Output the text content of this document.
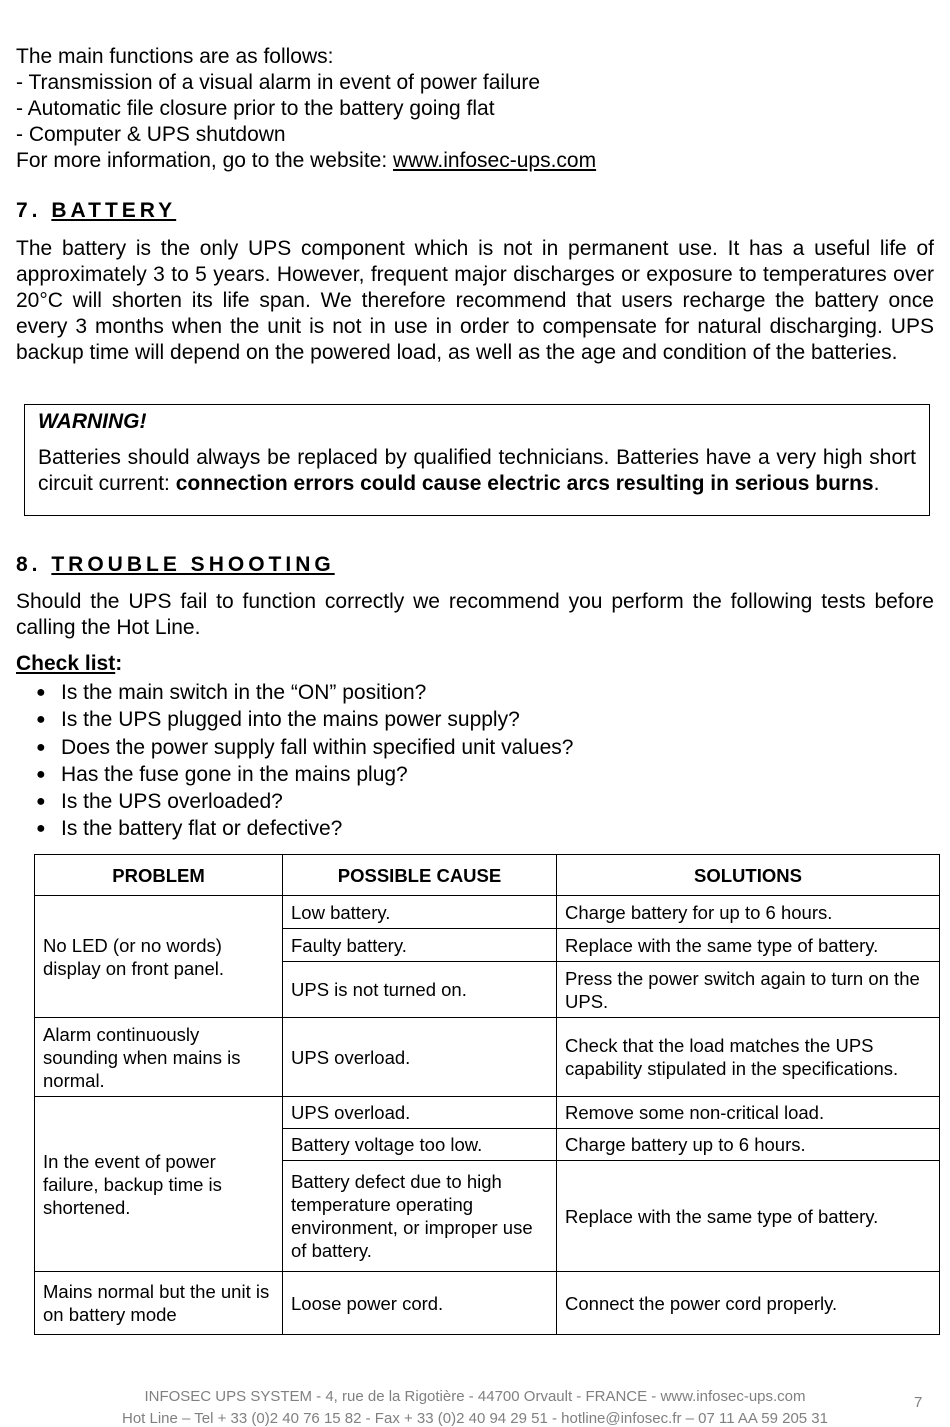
The main functions are as follows:
- Transmission of a visual alarm in event of power failure
- Automatic file closure prior to the battery going flat
- Computer & UPS shutdown
For more information, go to the website: www.infosec-ups.com
7. BATTERY
The battery is the only UPS component which is not in permanent use. It has a useful life of approximately 3 to 5 years. However, frequent major discharges or exposure to temperatures over 20°C will shorten its life span. We therefore recommend that users recharge the battery once every 3 months when the unit is not in use in order to compensate for natural discharging. UPS backup time will depend on the powered load, as well as the age and condition of the batteries.
WARNING!
Batteries should always be replaced by qualified technicians. Batteries have a very high short circuit current: connection errors could cause electric arcs resulting in serious burns.
8. TROUBLE SHOOTING
Should the UPS fail to function correctly we recommend you perform the following tests before calling the Hot Line.
Check list:
● Is the main switch in the “ON” position?
● Is the UPS plugged into the mains power supply?
● Does the power supply fall within specified unit values?
● Has the fuse gone in the mains plug?
● Is the UPS overloaded?
● Is the battery flat or defective?
PROBLEM	POSSIBLE CAUSE	SOLUTIONS
No LED (or no words) display on front panel.	Low battery.	Charge battery for up to 6 hours.
	Faulty battery.	Replace with the same type of battery.
	UPS is not turned on.	Press the power switch again to turn on the UPS.
Alarm continuously sounding when mains is normal.	UPS overload.	Check that the load matches the UPS capability stipulated in the specifications.
In the event of power failure, backup time is shortened.	UPS overload.	Remove some non-critical load.
	Battery voltage too low.	Charge battery up to 6 hours.
	Battery defect due to high temperature operating environment, or improper use of battery.	Replace with the same type of battery.
Mains normal but the unit is on battery mode	Loose power cord.	Connect the power cord properly.
INFOSEC UPS SYSTEM - 4, rue de la Rigotière - 44700 Orvault - FRANCE - www.infosec-ups.com
Hot Line – Tel + 33 (0)2 40 76 15 82 - Fax + 33 (0)2 40 94 29 51 - hotline@infosec.fr – 07 11 AA 59 205 31
7
